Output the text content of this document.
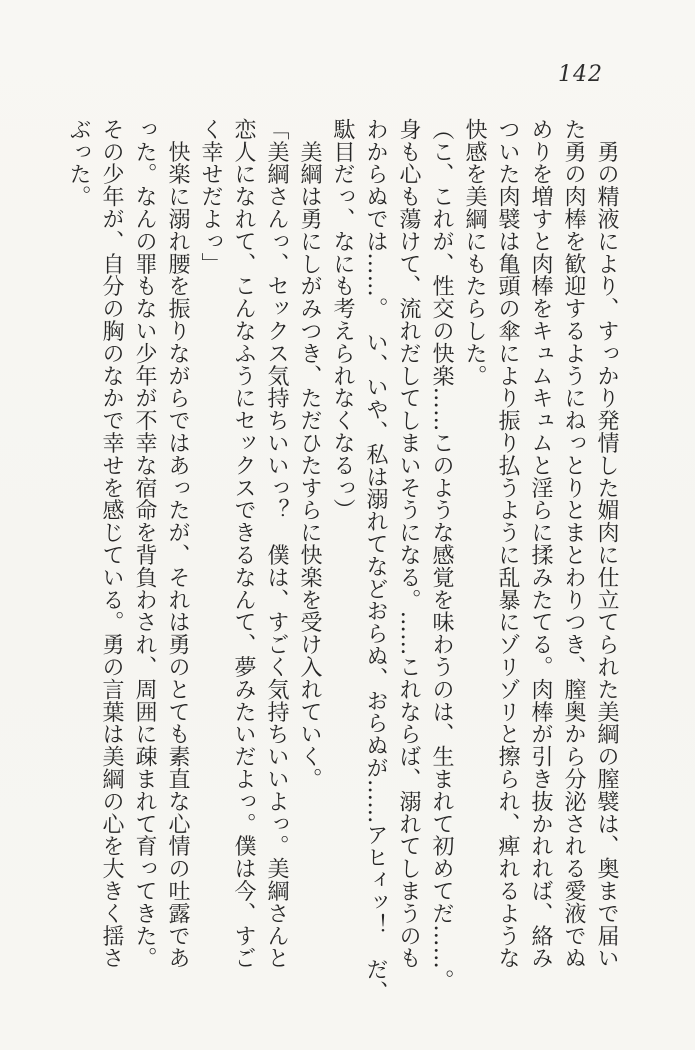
142

　勇の精液により、すっかり発情した媚肉に仕立てられた美綱の膣襞は、奥まで届い

た勇の肉棒を歓迎するようにねっとりとまとわりつき、膣奥から分泌される愛液でぬ

めりを増すと肉棒をキュムキュムと淫らに揉みたてる。肉棒が引き抜かれれば、絡み

ついた肉襞は亀頭の傘により振り払うように乱暴にゾリゾリと擦られ、痺れるような

快感を美綱にもたらした。

（こ、これが、性交の快楽……このような感覚を味わうのは、生まれて初めてだ……。

身も心も蕩けて、流れだしてしまいそうになる。……これならば、溺れてしまうのも

わからぬでは……。　い、いや、私は溺れてなどおらぬ、おらぬが……アヒィッ！　だ、

駄目だっ、なにも考えられなくなるっ）

　美綱は勇にしがみつき、ただひたすらに快楽を受け入れていく。

「美綱さんっ、セックス気持ちいいっ？　僕は、すごく気持ちいいよっ。美綱さんと

恋人になれて、こんなふうにセックスできるなんて、夢みたいだよっ。僕は今、すご

く幸せだよっ」

　快楽に溺れ腰を振りながらではあったが、それは勇のとても素直な心情の吐露であ

った。なんの罪もない少年が不幸な宿命を背負わされ、周囲に疎まれて育ってきた。

その少年が、自分の胸のなかで幸せを感じている。勇の言葉は美綱の心を大きく揺さ

ぶった。
